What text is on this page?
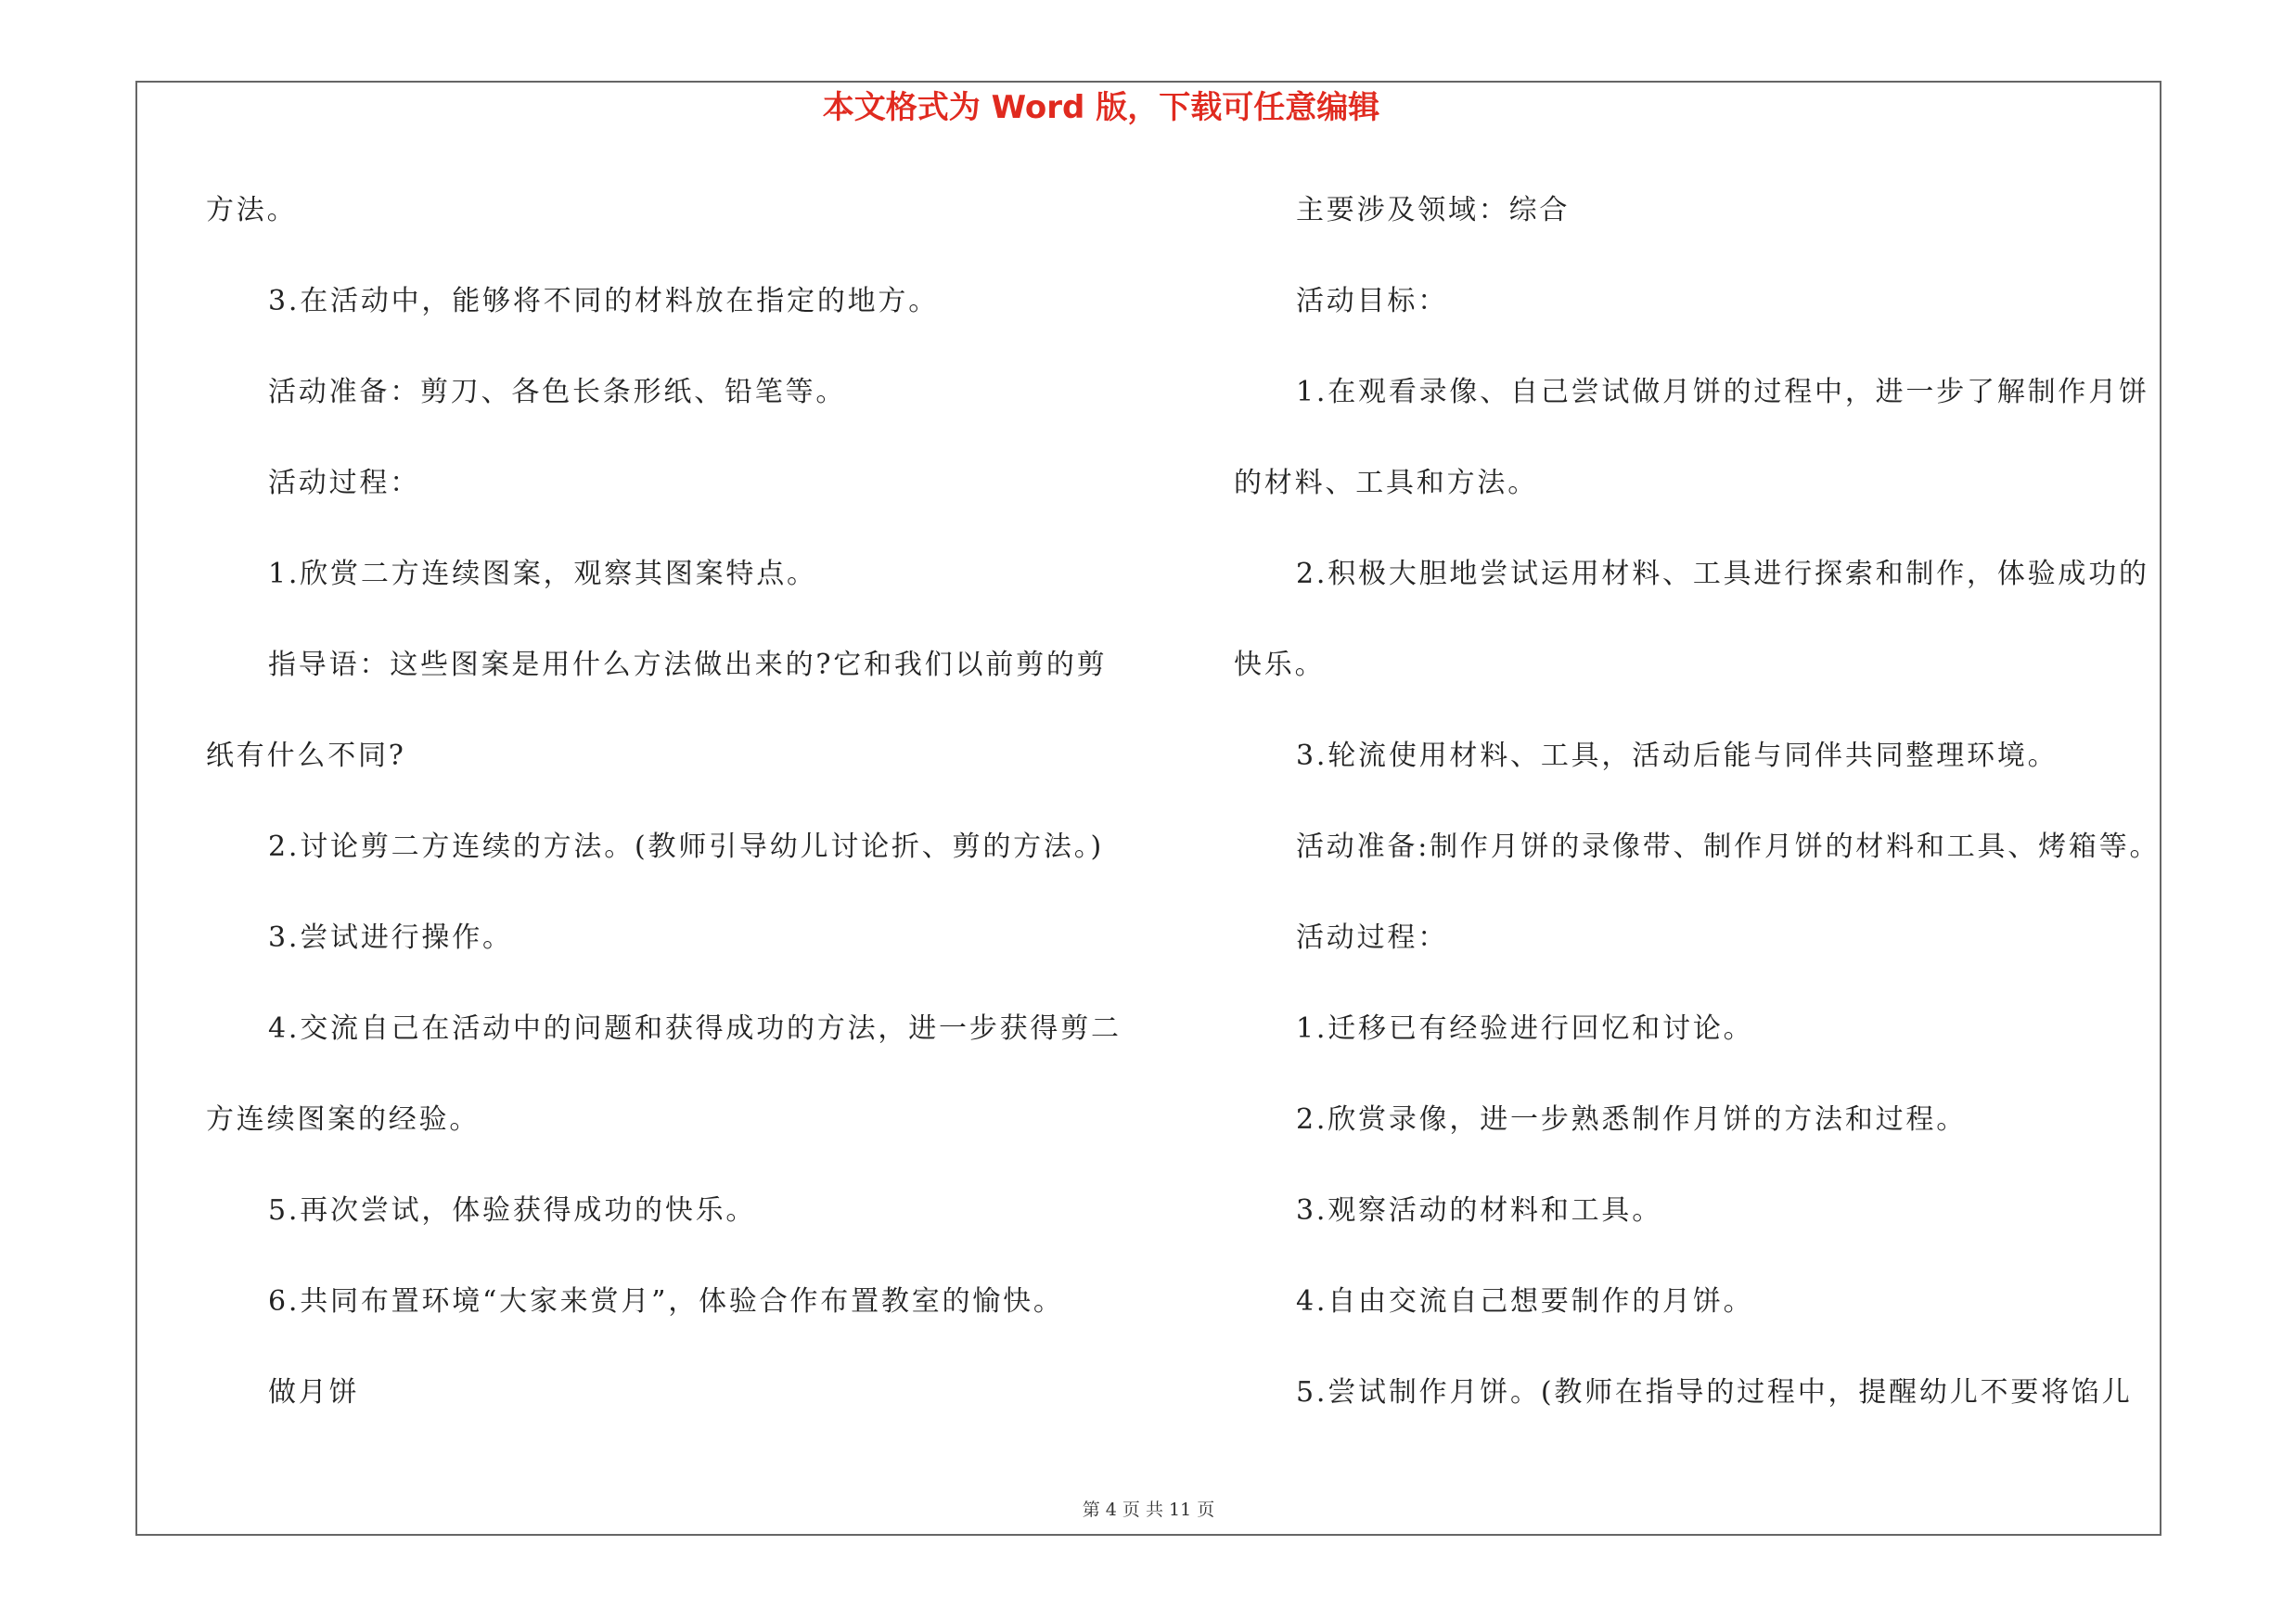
本文格式为 Word 版，下载可任意编辑
方法。
3.在活动中，能够将不同的材料放在指定的地方。
活动准备：剪刀、各色长条形纸、铅笔等。
活动过程：
1.欣赏二方连续图案，观察其图案特点。
指导语：这些图案是用什么方法做出来的?它和我们以前剪的剪
纸有什么不同?
2.讨论剪二方连续的方法。(教师引导幼儿讨论折、剪的方法。)
3.尝试进行操作。
4.交流自己在活动中的问题和获得成功的方法，进一步获得剪二
方连续图案的经验。
5.再次尝试，体验获得成功的快乐。
6.共同布置环境“大家来赏月”，体验合作布置教室的愉快。
做月饼
主要涉及领域：综合
活动目标：
1.在观看录像、自己尝试做月饼的过程中，进一步了解制作月饼
的材料、工具和方法。
2.积极大胆地尝试运用材料、工具进行探索和制作，体验成功的
快乐。
3.轮流使用材料、工具，活动后能与同伴共同整理环境。
活动准备:制作月饼的录像带、制作月饼的材料和工具、烤箱等。
活动过程：
1.迁移已有经验进行回忆和讨论。
2.欣赏录像，进一步熟悉制作月饼的方法和过程。
3.观察活动的材料和工具。
4.自由交流自己想要制作的月饼。
5.尝试制作月饼。(教师在指导的过程中，提醒幼儿不要将馅儿
第 4 页 共 11 页
